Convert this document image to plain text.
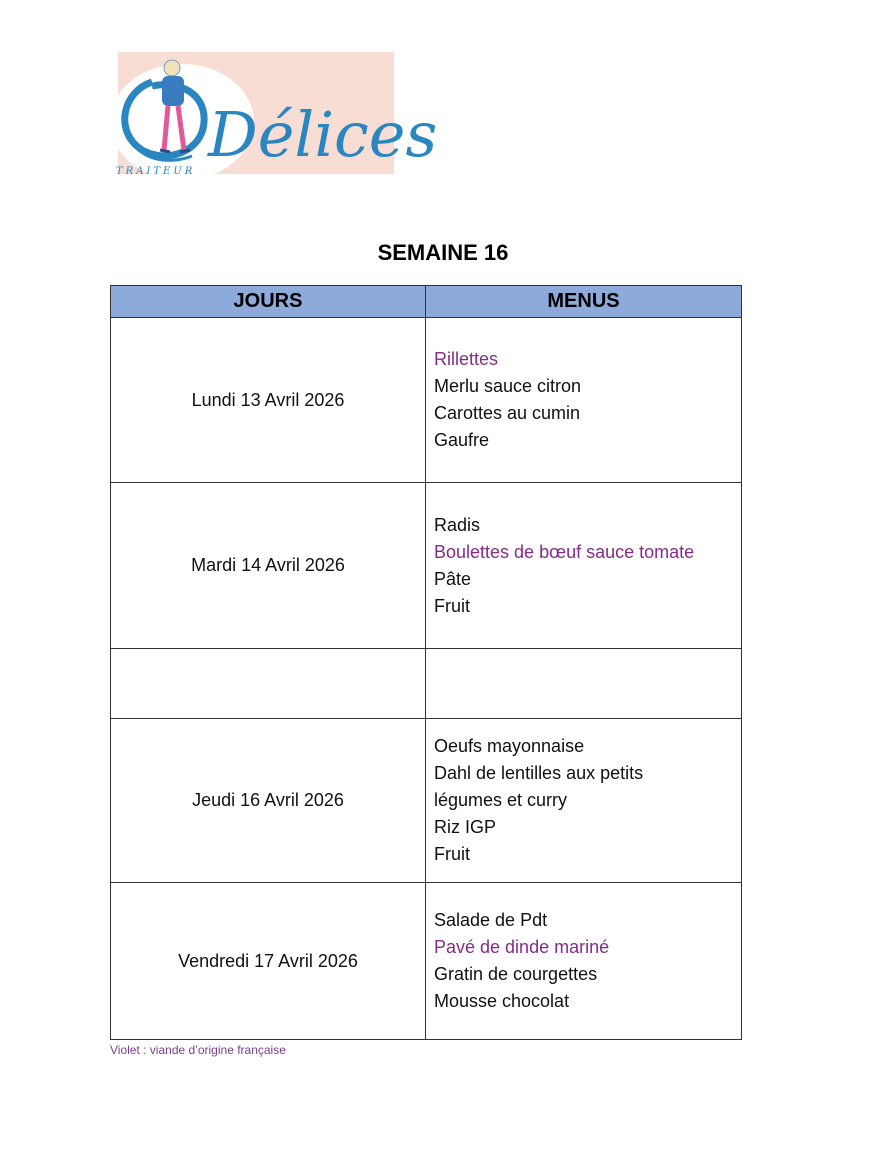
Délices
TRAITEUR
SEMAINE 16
JOURS	MENUS
Lundi 13 Avril 2026	Rillettes
Merlu sauce citron
Carottes au cumin
Gaufre

Mardi 14 Avril 2026	Radis
Boulettes de bœuf sauce tomate
Pâte
Fruit

Jeudi 16 Avril 2026	Oeufs mayonnaise
Dahl de lentilles aux petits
légumes et curry
Riz IGP
Fruit

Vendredi 17 Avril 2026	Salade de Pdt
Pavé de dinde mariné
Gratin de courgettes
Mousse chocolat
Violet : viande d’origine française
